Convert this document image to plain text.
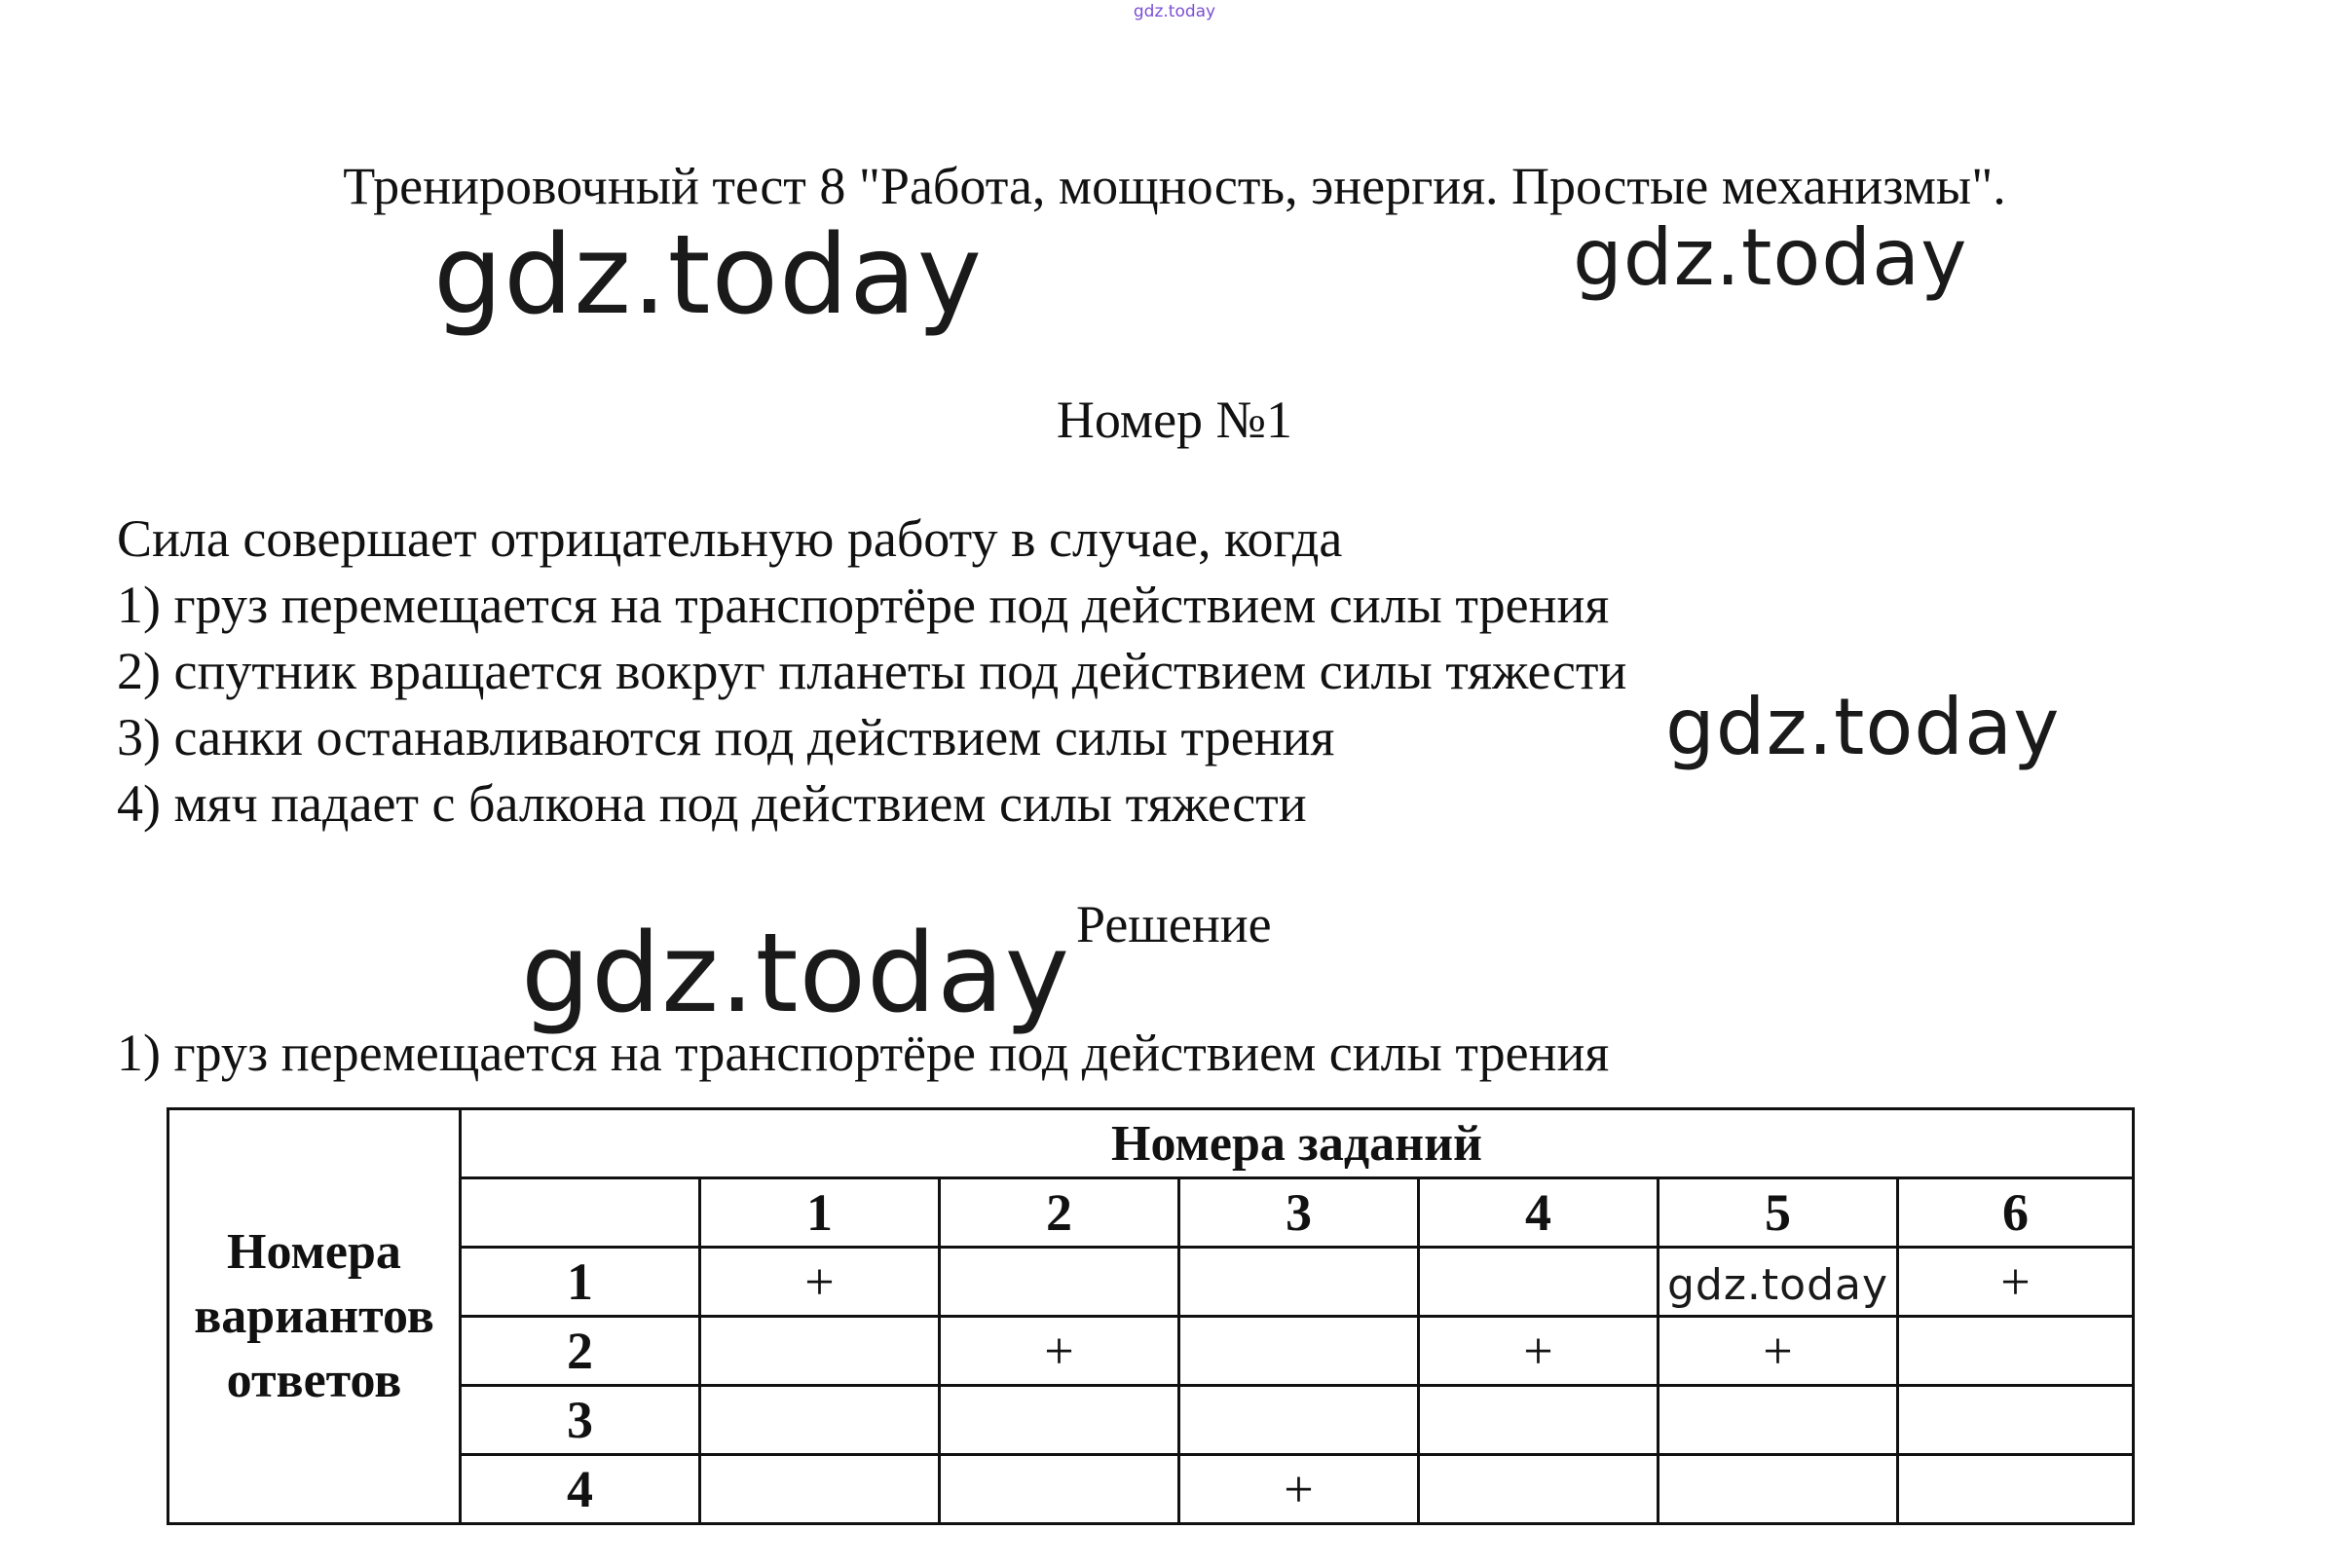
gdz.today
Тренировочный тест 8 "Работа, мощность, энергия. Простые механизмы".
gdz.today	gdz.today
Номер №1
Сила совершает отрицательную работу в случае, когда
1) груз перемещается на транспортёре под действием силы трения
2) спутник вращается вокруг планеты под действием силы тяжести
3) санки останавливаются под действием силы трения
4) мяч падает с балкона под действием силы тяжести
gdz.today
Решение
gdz.today
1) груз перемещается на транспортёре под действием силы трения
Номера вариантов ответов	Номера заданий						
		1	2	3	4	5	6
	1	+				gdz.today	+
	2		+		+	+	
	3						
	4			+			
